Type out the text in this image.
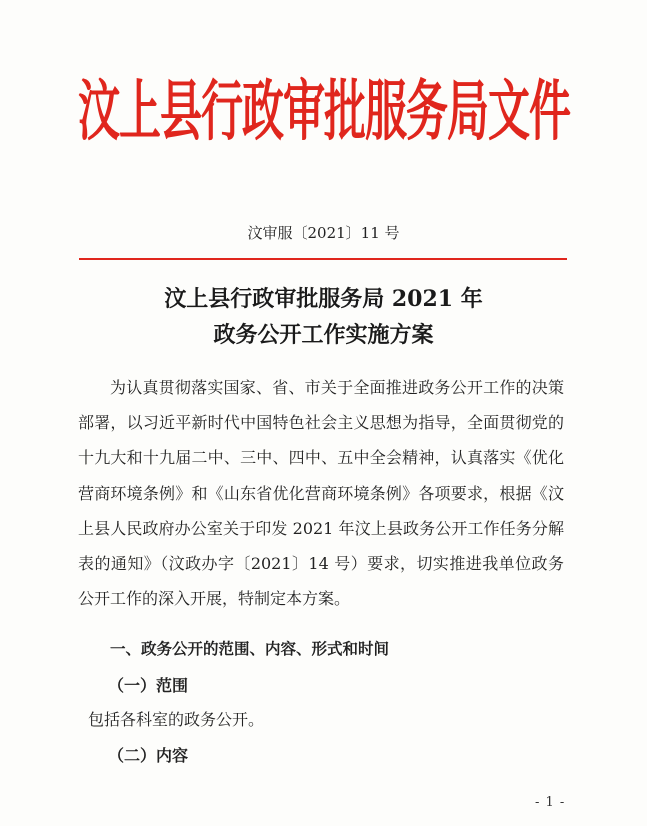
汶上县行政审批服务局文件
汶审服〔2021〕11 号
汶上县行政审批服务局 2021 年
政务公开工作实施方案

为认真贯彻落实国家、省、市关于全面推进政务公开工作的决策部署，以习近平新时代中国特色社会主义思想为指导，全面贯彻党的十九大和十九届二中、三中、四中、五中全会精神，认真落实《优化营商环境条例》和《山东省优化营商环境条例》各项要求，根据《汶上县人民政府办公室关于印发 2021 年汶上县政务公开工作任务分解表的通知》（汶政办字〔2021〕14 号）要求，切实推进我单位政务公开工作的深入开展，特制定本方案。

一、政务公开的范围、内容、形式和时间
（一）范围
包括各科室的政务公开。
（二）内容
- 1 -
